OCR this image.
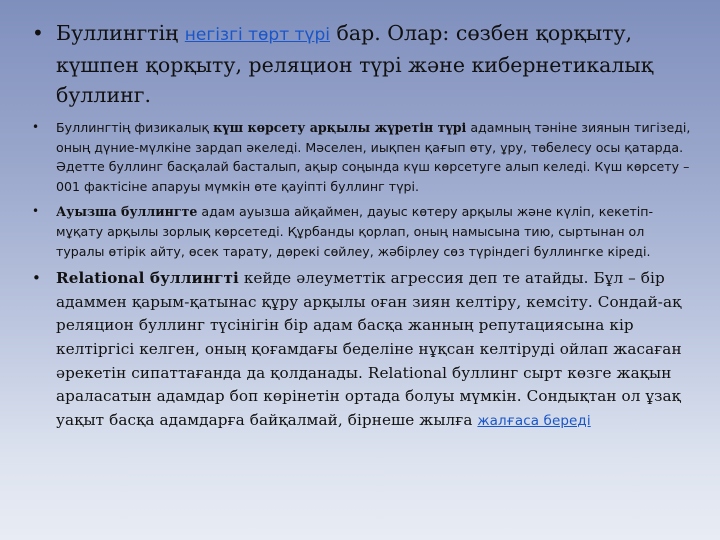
• Буллингтің негізгі төрт түрі бар. Олар: сөзбен қорқыту, күшпен қорқыту, реляцион түрі және кибернетикалық буллинг.
• Буллингтің физикалық күш көрсету арқылы жүретін түрі адамның тәніне зиянын тигізеді, оның дүние-мүлкіне зардап әкеледі. Мәселен, иықпен қағып өту, ұру, төбелесу осы қатарда. Әдетте буллинг басқалай басталып, ақыр соңында күш көрсетуге алып келеді. Күш көрсету – 001 фактісіне апаруы мүмкін өте қауіпті буллинг түрі.
• Ауызша буллингте адам ауызша айқаймен, дауыс көтеру арқылы және күліп, кекетіп-мұқату арқылы зорлық көрсетеді. Құрбанды қорлап, оның намысына тию, сыртынан ол туралы өтірік айту, өсек тарату, дөрекі сөйлеу, жәбірлеу сөз түріндегі буллингке кіреді.
• Relational буллингті кейде әлеуметтік агрессия деп те атайды. Бұл – бір адаммен қарым-қатынас құру арқылы оған зиян келтіру, кемсіту. Сондай-ақ реляцион буллинг түсінігін бір адам басқа жанның репутациясына кір келтіргісі келген, оның қоғамдағы беделіне нұқсан келтіруді ойлап жасаған әрекетін сипаттағанда да қолданады. Relational буллинг сырт көзге жақын араласатын адамдар боп көрінетін ортада болуы мүмкін. Сондықтан ол ұзақ уақыт басқа адамдарға байқалмай, бірнеше жылға жалғаса береді
